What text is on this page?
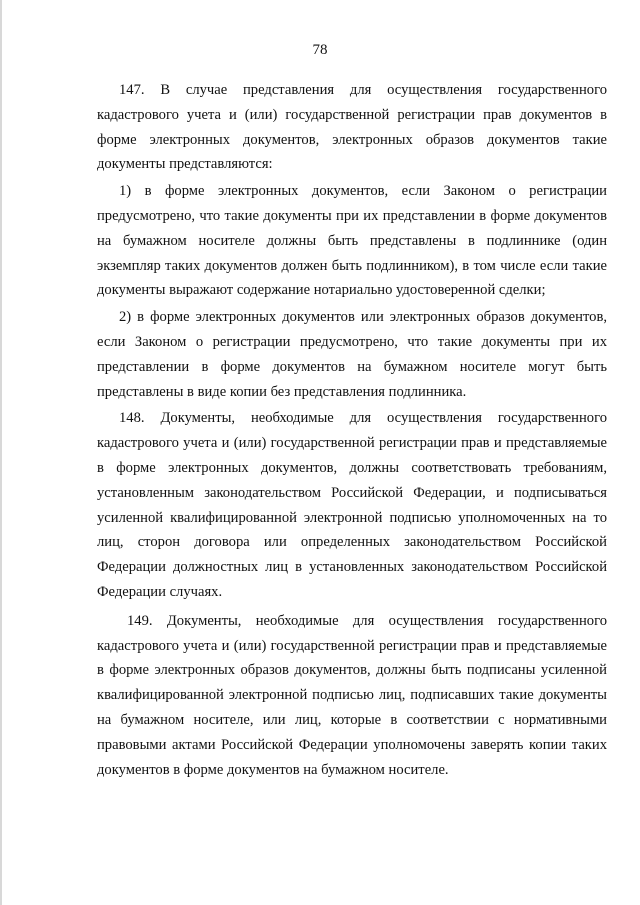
78

147. В случае представления для осуществления государственного кадастрового учета и (или) государственной регистрации прав документов в форме электронных документов, электронных образов документов такие документы представляются:

1) в форме электронных документов, если Законом о регистрации предусмотрено, что такие документы при их представлении в форме документов на бумажном носителе должны быть представлены в подлиннике (один экземпляр таких документов должен быть подлинником), в том числе если такие документы выражают содержание нотариально удостоверенной сделки;

2) в форме электронных документов или электронных образов документов, если Законом о регистрации предусмотрено, что такие документы при их представлении в форме документов на бумажном носителе могут быть представлены в виде копии без представления подлинника.

148. Документы, необходимые для осуществления государственного кадастрового учета и (или) государственной регистрации прав и представляемые в форме электронных документов, должны соответствовать требованиям, установленным законодательством Российской Федерации, и подписываться усиленной квалифицированной электронной подписью уполномоченных на то лиц, сторон договора или определенных законодательством Российской Федерации должностных лиц в установленных законодательством Российской Федерации случаях.

149. Документы, необходимые для осуществления государственного кадастрового учета и (или) государственной регистрации прав и представляемые в форме электронных образов документов, должны быть подписаны усиленной квалифицированной электронной подписью лиц, подписавших такие документы на бумажном носителе, или лиц, которые в соответствии с нормативными правовыми актами Российской Федерации уполномочены заверять копии таких документов в форме документов на бумажном носителе.
